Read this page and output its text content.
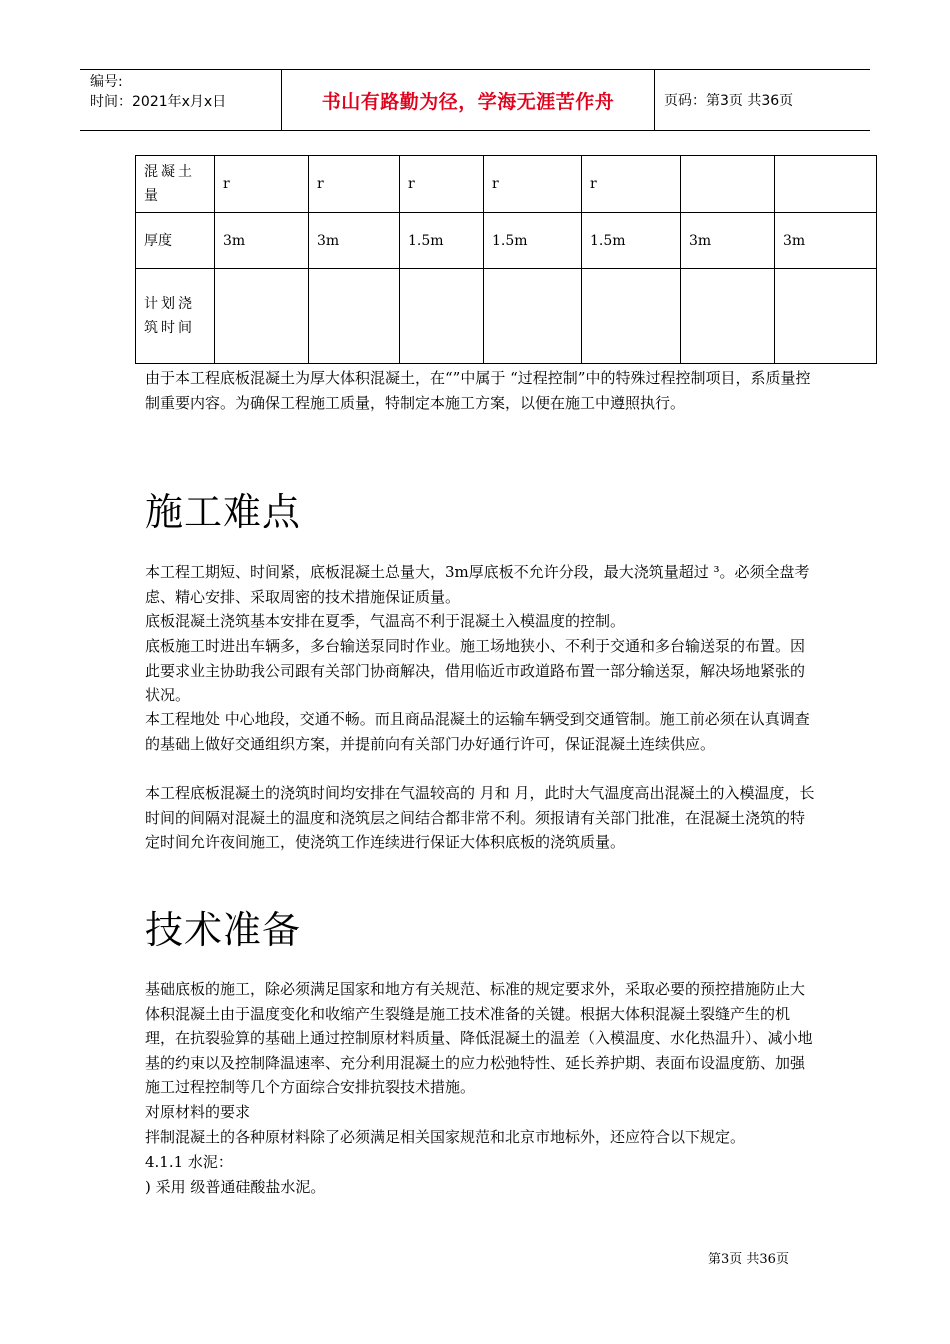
编号:
时间：2021年x月x日	书山有路勤为径，学海无涯苦作舟	页码：第3页 共36页
混凝土量	r	r	r	r	r		
厚度	3m	3m	1.5m	1.5m	1.5m	3m	3m
计划浇筑时间							
由于本工程底板混凝土为厚大体积混凝土，在“”中属于 “过程控制”中的特殊过程控制项目，系质量控制重要内容。为确保工程施工质量，特制定本施工方案，以便在施工中遵照执行。
施工难点
本工程工期短、时间紧，底板混凝土总量大，3m厚底板不允许分段，最大浇筑量超过 ³。必须全盘考虑、精心安排、采取周密的技术措施保证质量。
底板混凝土浇筑基本安排在夏季，气温高不利于混凝土入模温度的控制。
底板施工时进出车辆多，多台输送泵同时作业。施工场地狭小、不利于交通和多台输送泵的布置。因此要求业主协助我公司跟有关部门协商解决，借用临近市政道路布置一部分输送泵，解决场地紧张的状况。
本工程地处 中心地段，交通不畅。而且商品混凝土的运输车辆受到交通管制。施工前必须在认真调查的基础上做好交通组织方案，并提前向有关部门办好通行许可，保证混凝土连续供应。
本工程底板混凝土的浇筑时间均安排在气温较高的 月和 月，此时大气温度高出混凝土的入模温度，长时间的间隔对混凝土的温度和浇筑层之间结合都非常不利。须报请有关部门批准，在混凝土浇筑的特定时间允许夜间施工，使浇筑工作连续进行保证大体积底板的浇筑质量。
技术准备
基础底板的施工，除必须满足国家和地方有关规范、标准的规定要求外，采取必要的预控措施防止大体积混凝土由于温度变化和收缩产生裂缝是施工技术准备的关键。根据大体积混凝土裂缝产生的机理，在抗裂验算的基础上通过控制原材料质量、降低混凝土的温差（入模温度、水化热温升）、减小地基的约束以及控制降温速率、充分利用混凝土的应力松弛特性、延长养护期、表面布设温度筋、加强施工过程控制等几个方面综合安排抗裂技术措施。
对原材料的要求
拌制混凝土的各种原材料除了必须满足相关国家规范和北京市地标外，还应符合以下规定。
4.1.1 水泥：
) 采用 级普通硅酸盐水泥。
第3页 共36页
